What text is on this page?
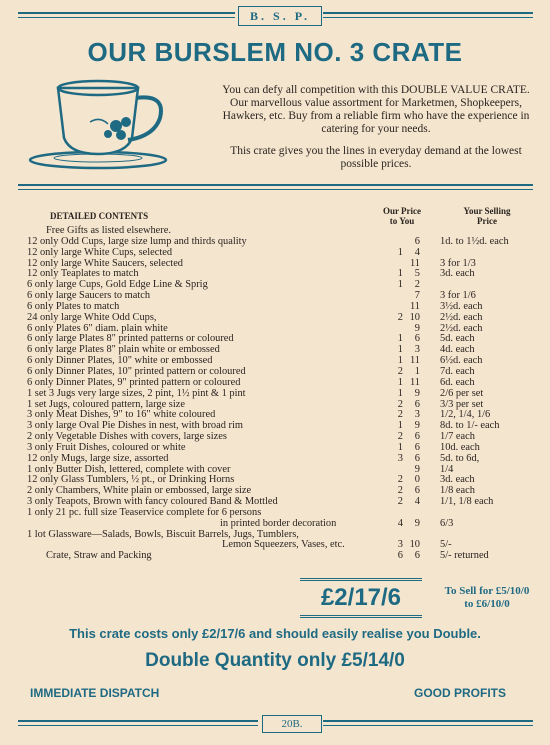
B. S. P.
OUR BURSLEM NO. 3 CRATE

You can defy all competition with this DOUBLE VALUE CRATE. Our marvellous value assortment for Marketmen, Shopkeepers, Hawkers, etc. Buy from a reliable firm who have the experience in catering for your needs.

This crate gives you the lines in everyday demand at the lowest possible prices.

DETAILED CONTENTS	Our Price
to You
Your Selling
Price
Free Gifts as listed elsewhere.
12 only Odd Cups, large size lump and thirds quality	6 1d. to 1½d. each
12 only large White Cups, selected	1	4
12 only large White Saucers, selected	11 3 for 1/3
12 only Teaplates to match	1	5 3d. each
6 only large Cups, Gold Edge Line & Sprig	1	2
6 only large Saucers to match	7 3 for 1/6
6 only Plates to match	11 3½d. each
24 only large White Odd Cups,	2 10 2½d. each
6 only Plates 6" diam. plain white	9 2½d. each
6 only large Plates 8" printed patterns or coloured	1	6 5d. each
6 only large Plates 8" plain white or embossed	1	3 4d. each
6 only Dinner Plates, 10" white or embossed	1 11 6½d. each
6 only Dinner Plates, 10" printed pattern or coloured	2	1 7d. each
6 only Dinner Plates, 9" printed pattern or coloured	1 11 6d. each
1 set 3 Jugs very large sizes, 2 pint, 1½ pint & 1 pint	1	9 2/6 per set
1 set Jugs, coloured pattern, large size	2	6 3/3 per set
3 only Meat Dishes, 9" to 16" white coloured	2	3 1/2, 1/4, 1/6
3 only large Oval Pie Dishes in nest, with broad rim	1	9 8d. to 1/- each
2 only Vegetable Dishes with covers, large sizes	2	6 1/7 each
3 only Fruit Dishes, coloured or white	1	6 10d. each
12 only Mugs, large size, assorted	3	6 5d. to 6d,
1 only Butter Dish, lettered, complete with cover	9 1/4
12 only Glass Tumblers, ½ pt., or Drinking Horns	2	0 3d. each
2 only Chambers, White plain or embossed, large size	2	6 1/8 each
3 only Teapots, Brown with fancy coloured Band & Mottled	2	4 1/1, 1/8 each
1 only 21 pc. full size Teaservice complete for 6 persons
in printed border decoration	4	9 6/3
1 lot Glassware—Salads, Bowls, Biscuit Barrels, Jugs, Tumblers,
Lemon Squeezers, Vases, etc.	3 10 5/-
Crate, Straw and Packing	6	6 5/- returned
£2/17/6	To Sell for £5/10/0
to £6/10/0
This crate costs only £2/17/6 and should easily realise you Double.
Double Quantity only £5/14/0
IMMEDIATE DISPATCH	GOOD PROFITS
20B.
